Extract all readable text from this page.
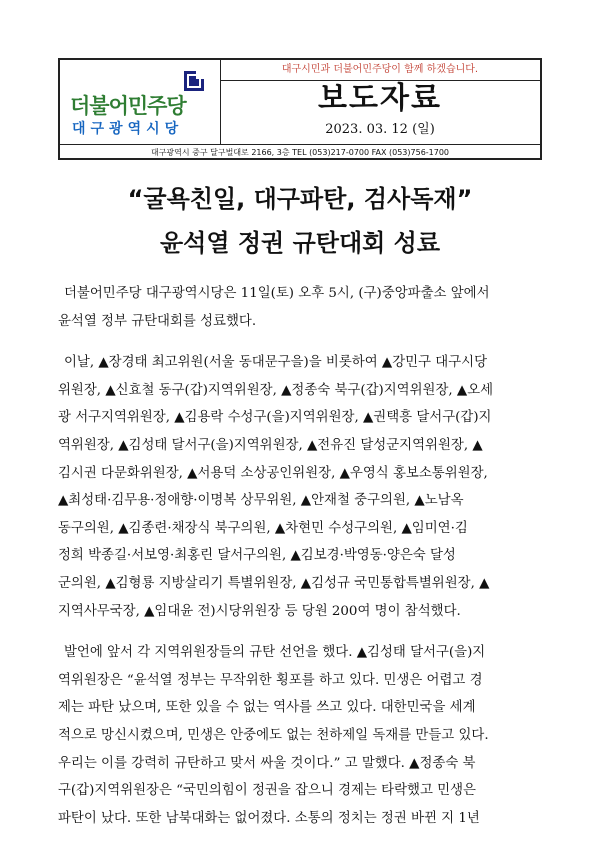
더불어민주당
대구광역시당
대구시민과 더불어민주당이 함께 하겠습니다.
보도자료
2023. 03. 12 (일)
대구광역시 중구 달구벌대로 2166, 3층 TEL (053)217-0700 FAX (053)756-1700
“굴욕친일, 대구파탄, 검사독재”
윤석열 정권 규탄대회 성료

더불어민주당 대구광역시당은 11일(토) 오후 5시, (구)중앙파출소 앞에서
윤석열 정부 규탄대회를 성료했다.

이날, ▲장경태 최고위원(서울 동대문구을)을 비롯하여 ▲강민구 대구시당
위원장, ▲신효철 동구(갑)지역위원장, ▲정종숙 북구(갑)지역위원장, ▲오세
광 서구지역위원장, ▲김용락 수성구(을)지역위원장, ▲권택흥 달서구(갑)지
역위원장, ▲김성태 달서구(을)지역위원장, ▲전유진 달성군지역위원장, ▲
김시권 다문화위원장, ▲서용덕 소상공인위원장, ▲우영식 홍보소통위원장,
▲최성태·김무용·정애향·이명복 상무위원, ▲안재철 중구의원, ▲노남옥
동구의원, ▲김종련·채장식 북구의원, ▲차현민 수성구의원, ▲임미연·김
정희 박종길·서보영·최홍린 달서구의원, ▲김보경·박영동·양은숙 달성
군의원, ▲김형룡 지방살리기 특별위원장, ▲김성규 국민통합특별위원장, ▲
지역사무국장, ▲임대윤 전)시당위원장 등 당원 200여 명이 참석했다.

발언에 앞서 각 지역위원장들의 규탄 선언을 했다. ▲김성태 달서구(을)지
역위원장은 “윤석열 정부는 무작위한 횡포를 하고 있다. 민생은 어렵고 경
제는 파탄 났으며, 또한 있을 수 없는 역사를 쓰고 있다. 대한민국을 세계
적으로 망신시켰으며, 민생은 안중에도 없는 천하제일 독재를 만들고 있다.
우리는 이를 강력히 규탄하고 맞서 싸울 것이다.” 고 말했다. ▲정종숙 북
구(갑)지역위원장은 “국민의힘이 정권을 잡으니 경제는 타락했고 민생은
파탄이 났다. 또한 남북대화는 없어졌다. 소통의 정치는 정권 바뀐 지 1년
